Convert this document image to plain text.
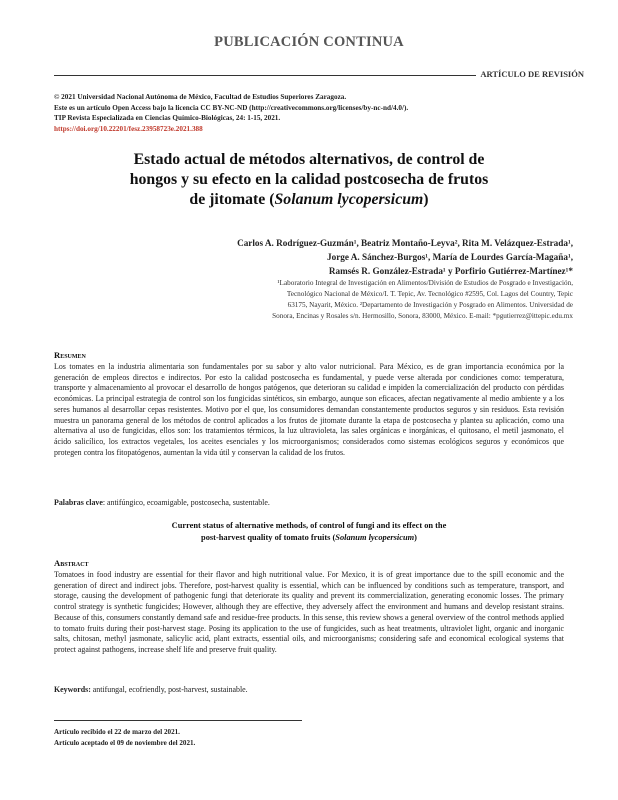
PUBLICACIÓN CONTINUA
ARTÍCULO DE REVISIÓN
© 2021 Universidad Nacional Autónoma de México, Facultad de Estudios Superiores Zaragoza.
Este es un artículo Open Access bajo la licencia CC BY-NC-ND (http://creativecommons.org/licenses/by-nc-nd/4.0/).
TIP Revista Especializada en Ciencias Químico-Biológicas, 24: 1-15, 2021.
https://doi.org/10.22201/fesz.23958723e.2021.388
Estado actual de métodos alternativos, de control de
hongos y su efecto en la calidad postcosecha de frutos
de jitomate (Solanum lycopersicum)
Carlos A. Rodríguez-Guzmán¹, Beatriz Montaño-Leyva², Rita M. Velázquez-Estrada¹,
Jorge A. Sánchez-Burgos¹, María de Lourdes García-Magaña¹,
Ramsés R. González-Estrada¹ y Porfirio Gutiérrez-Martínez¹*
¹Laboratorio Integral de Investigación en Alimentos/División de Estudios de Posgrado e Investigación,
Tecnológico Nacional de México/I. T. Tepic, Av. Tecnológico #2595, Col. Lagos del Country, Tepic
63175, Nayarit, México. ²Departamento de Investigación y Posgrado en Alimentos. Universidad de
Sonora, Encinas y Rosales s/n. Hermosillo, Sonora, 83000, México. E-mail: *pgutierrez@ittepic.edu.mx
Resumen
Los tomates en la industria alimentaria son fundamentales por su sabor y alto valor nutricional. Para México, es de gran importancia económica por la generación de empleos directos e indirectos. Por esto la calidad postcosecha es fundamental, y puede verse alterada por condiciones como: temperatura, transporte y almacenamiento al provocar el desarrollo de hongos patógenos, que deterioran su calidad e impiden la comercialización del producto con pérdidas económicas. La principal estrategia de control son los fungicidas sintéticos, sin embargo, aunque son eficaces, afectan negativamente al medio ambiente y a los seres humanos al desarrollar cepas resistentes. Motivo por el que, los consumidores demandan constantemente productos seguros y sin residuos. Esta revisión muestra un panorama general de los métodos de control aplicados a los frutos de jitomate durante la etapa de postcosecha y plantea su aplicación, como una alternativa al uso de fungicidas, ellos son: los tratamientos térmicos, la luz ultravioleta, las sales orgánicas e inorgánicas, el quitosano, el metil jasmonato, el ácido salicílico, los extractos vegetales, los aceites esenciales y los microorganismos; considerados como sistemas ecológicos seguros y económicos que protegen contra los fitopatógenos, aumentan la vida útil y conservan la calidad de los frutos.
Palabras clave: antifúngico, ecoamigable, postcosecha, sustentable.
Current status of alternative methods, of control of fungi and its effect on the
post-harvest quality of tomato fruits (Solanum lycopersicum)
Abstract
Tomatoes in food industry are essential for their flavor and high nutritional value. For Mexico, it is of great importance due to the spill economic and the generation of direct and indirect jobs. Therefore, post-harvest quality is essential, which can be influenced by conditions such as temperature, transport, and storage, causing the development of pathogenic fungi that deteriorate its quality and prevent its commercialization, generating economic losses. The primary control strategy is synthetic fungicides; However, although they are effective, they adversely affect the environment and humans and develop resistant strains. Because of this, consumers constantly demand safe and residue-free products. In this sense, this review shows a general overview of the control methods applied to tomato fruits during their post-harvest stage. Posing its application to the use of fungicides, such as heat treatments, ultraviolet light, organic and inorganic salts, chitosan, methyl jasmonate, salicylic acid, plant extracts, essential oils, and microorganisms; considering safe and economical ecological systems that protect against pathogens, increase shelf life and preserve fruit quality.
Keywords: antifungal, ecofriendly, post-harvest, sustainable.
Artículo recibido el 22 de marzo del 2021.
Artículo aceptado el 09 de noviembre del 2021.
